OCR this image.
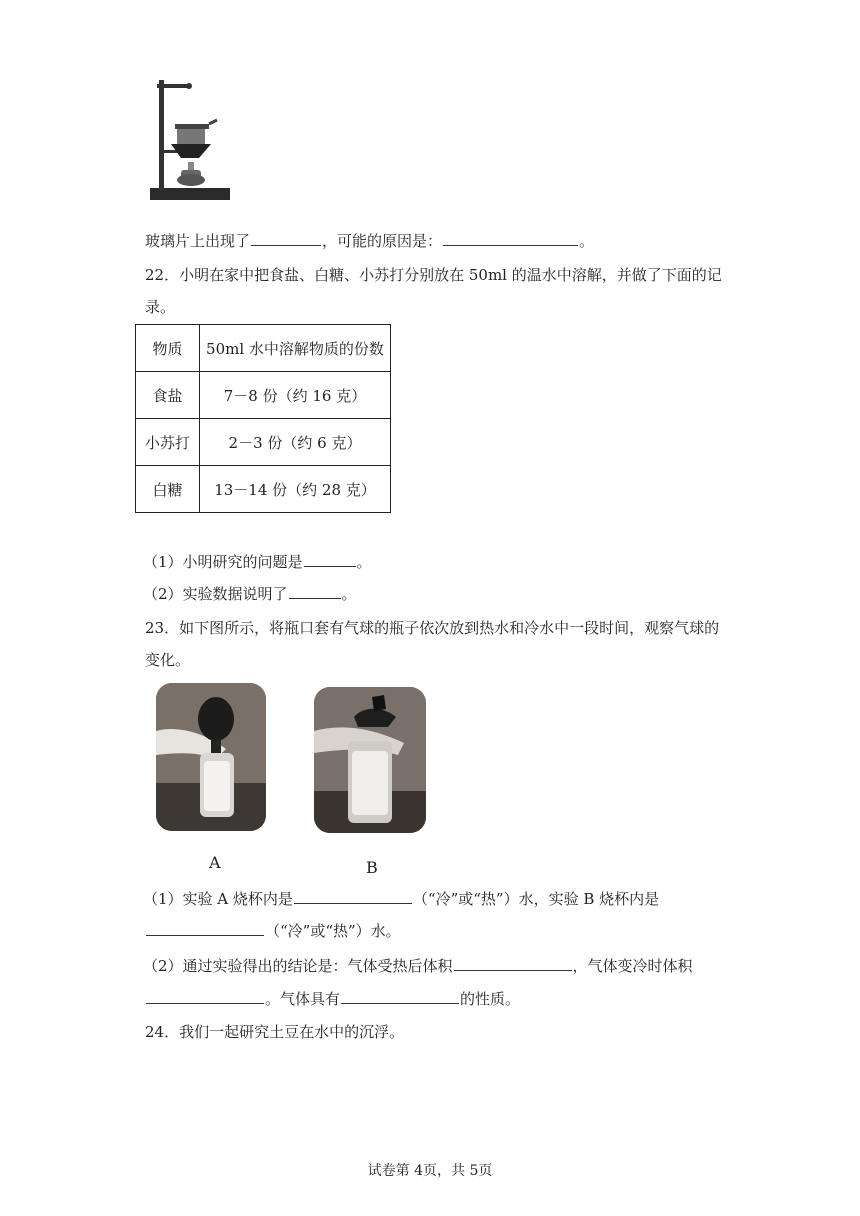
玻璃片上出现了	，可能的原因是：	。
22．小明在家中把食盐、白糖、小苏打分别放在 50ml 的温水中溶解，并做了下面的记
录。
物质	50ml 水中溶解物质的份数
食盐	7－8 份（约 16 克）
小苏打	2－3 份（约 6 克）
白糖	13－14 份（约 28 克）
（1）小明研究的问题是	。
（2）实验数据说明了	。
23．如下图所示，将瓶口套有气球的瓶子依次放到热水和冷水中一段时间，观察气球的
变化。
A	B
（1）实验 A 烧杯内是	（“冷”或“热”）水，实验 B 烧杯内是
（“冷”或“热”）水。
（2）通过实验得出的结论是：气体受热后体积	，气体变冷时体积
。气体具有	的性质。
24．我们一起研究土豆在水中的沉浮。
试卷第 4页，共 5页
